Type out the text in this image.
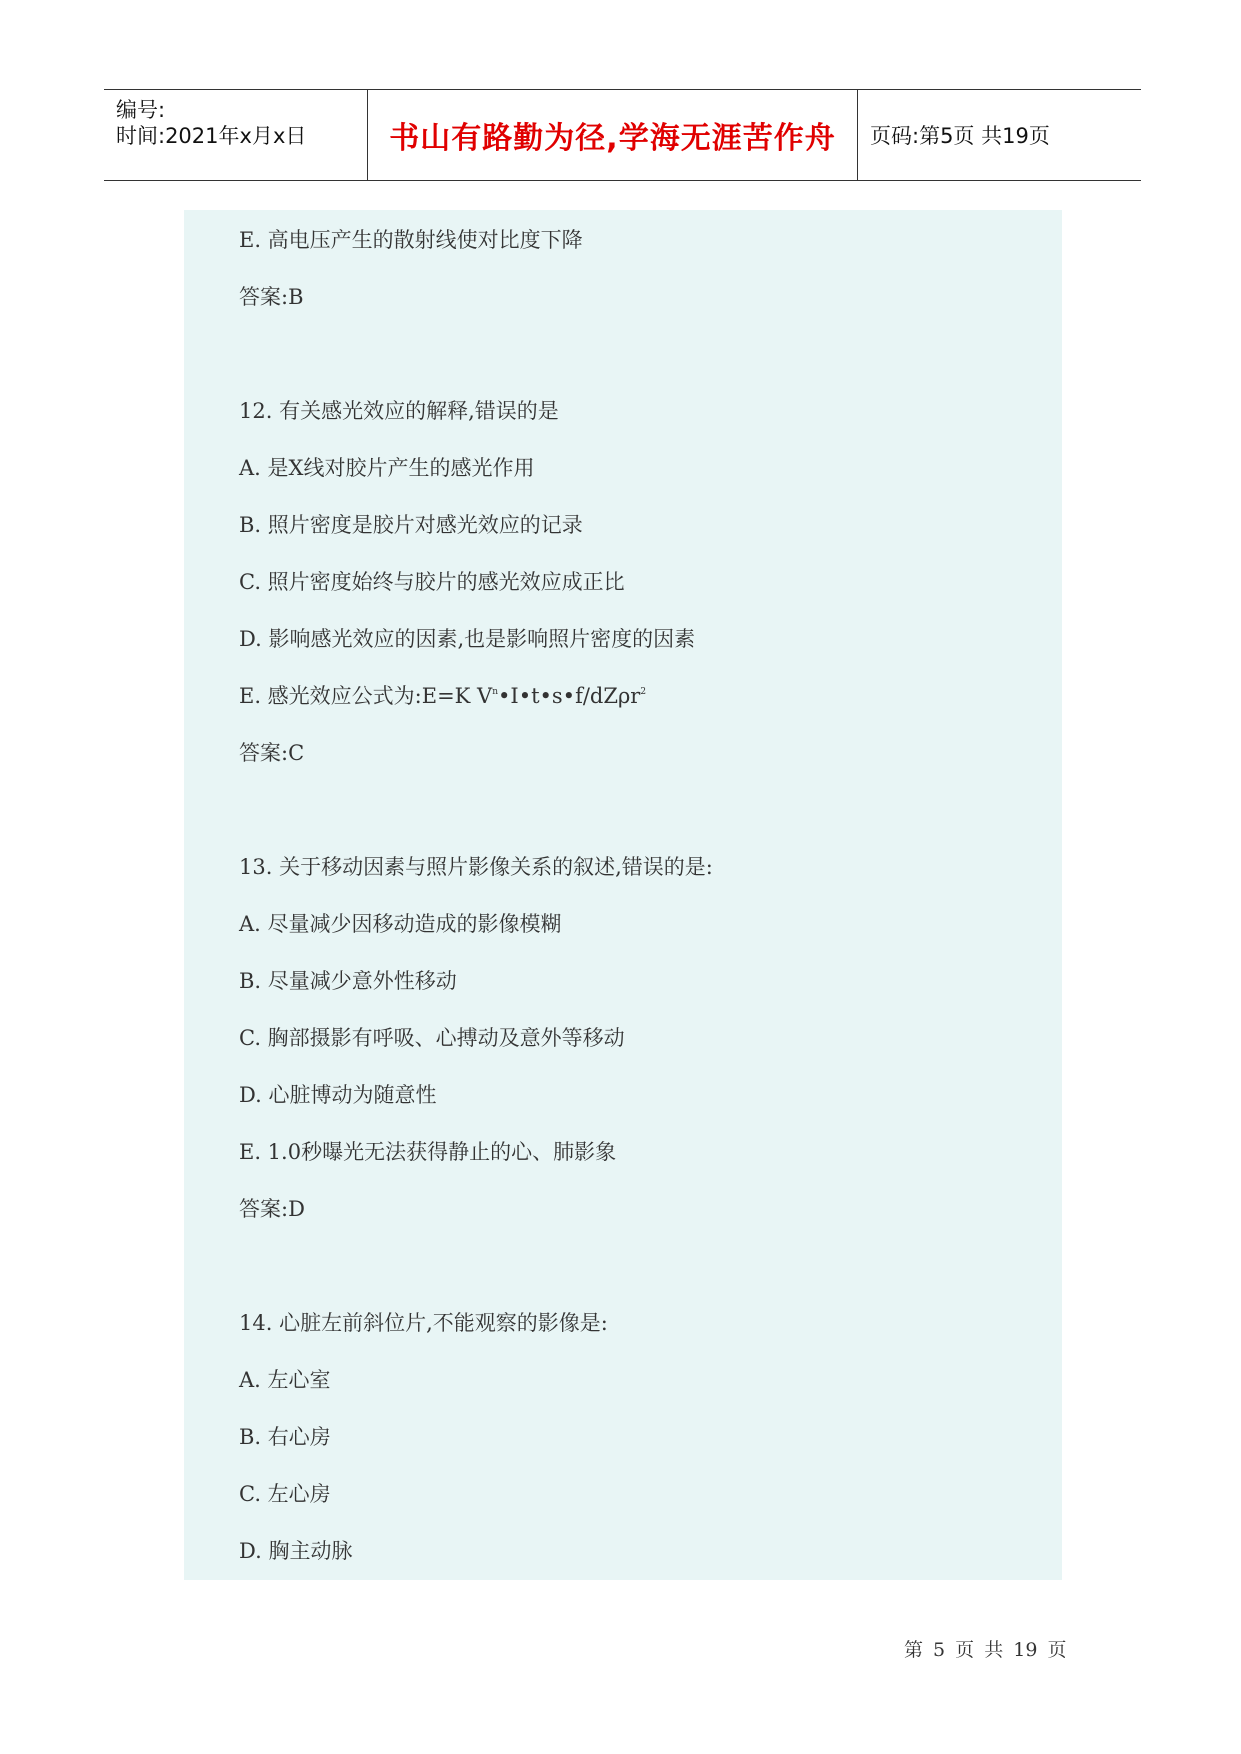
编号:
时间:2021年x月x日	书山有路勤为径,学海无涯苦作舟	页码:第5页 共19页
E. 高电压产生的散射线使对比度下降
答案:B
12. 有关感光效应的解释,错误的是
A. 是X线对胶片产生的感光作用
B. 照片密度是胶片对感光效应的记录
C. 照片密度始终与胶片的感光效应成正比
D. 影响感光效应的因素,也是影响照片密度的因素
E. 感光效应公式为:E=K $V^n•I•t•s•f/dZ\rho r^2$
答案:C
13. 关于移动因素与照片影像关系的叙述,错误的是:
A. 尽量减少因移动造成的影像模糊
B. 尽量减少意外性移动
C. 胸部摄影有呼吸、心搏动及意外等移动
D. 心脏博动为随意性
E. 1.0秒曝光无法获得静止的心、肺影象
答案:D
14. 心脏左前斜位片,不能观察的影像是:
A. 左心室
B. 右心房
C. 左心房
D. 胸主动脉
第 5 页 共 19 页
